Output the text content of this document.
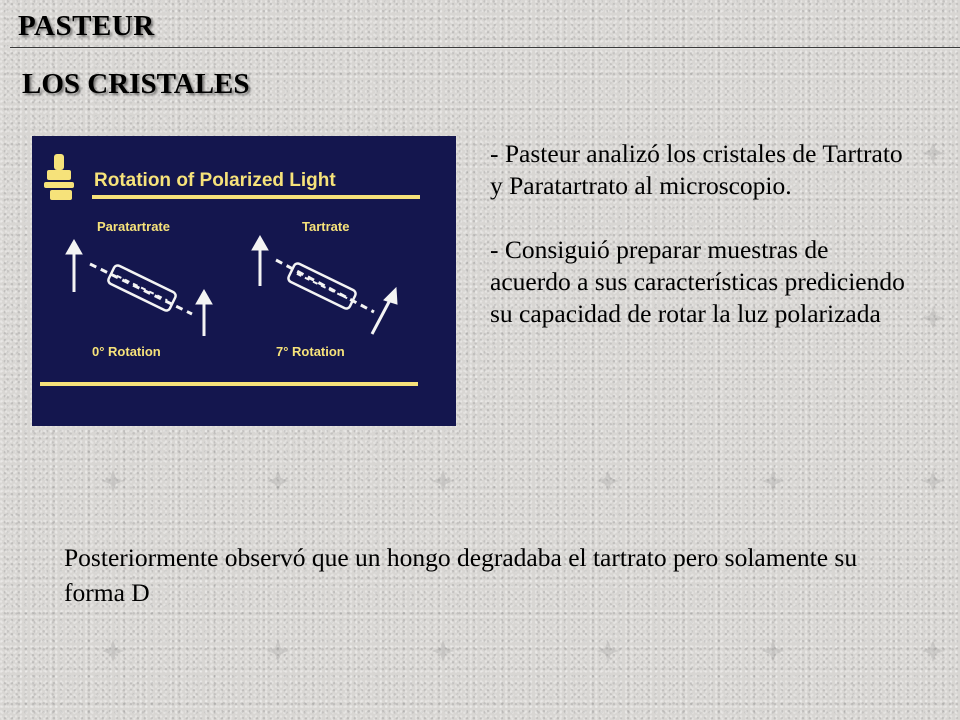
PASTEUR
LOS CRISTALES
Rotation of Polarized Light
Paratartrate	Tartrate
0° Rotation	7° Rotation

- Pasteur analizó los cristales de Tartrato y Paratartrato al microscopio.

- Consiguió preparar muestras de acuerdo a sus características prediciendo su capacidad de rotar la luz polarizada

Posteriormente observó que un hongo degradaba el tartrato pero solamente su forma D
